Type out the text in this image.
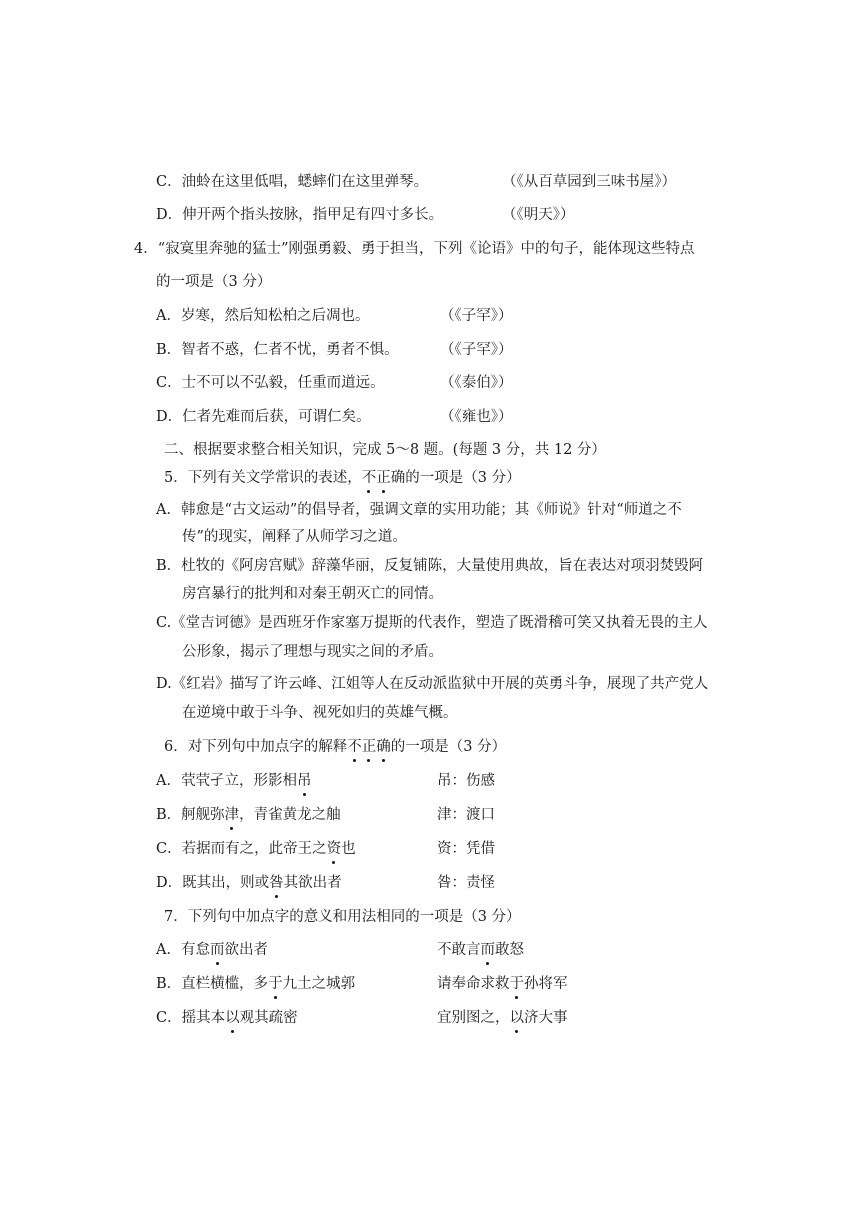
C．油蛉在这里低唱，蟋蟀们在这里弹琴。	（《从百草园到三味书屋》）
D．伸开两个指头按脉，指甲足有四寸多长。	（《明天》）
4．“寂寞里奔驰的猛士”刚强勇毅、勇于担当，下列《论语》中的句子，能体现这些特点
的一项是（3 分）
A．岁寒，然后知松柏之后凋也。	（《子罕》）
B．智者不惑，仁者不忧，勇者不惧。	（《子罕》）
C．士不可以不弘毅，任重而道远。	（《泰伯》）
D．仁者先难而后获，可谓仁矣。	（《雍也》）
二、根据要求整合相关知识，完成 5～8 题。(每题 3 分，共 12 分）
5．下列有关文学常识的表述，不正确的一项是（3 分）
A．韩愈是“古文运动”的倡导者，强调文章的实用功能；其《师说》针对“师道之不
传”的现实，阐释了从师学习之道。
B．杜牧的《阿房宫赋》辞藻华丽，反复铺陈，大量使用典故，旨在表达对项羽焚毁阿
房宫暴行的批判和对秦王朝灭亡的同情。
C.《堂吉诃德》是西班牙作家塞万提斯的代表作，塑造了既滑稽可笑又执着无畏的主人
公形象，揭示了理想与现实之间的矛盾。
D.《红岩》描写了许云峰、江姐等人在反动派监狱中开展的英勇斗争，展现了共产党人
在逆境中敢于斗争、视死如归的英雄气概。
6．对下列句中加点字的解释不正确的一项是（3 分）
A．茕茕孑立，形影相吊	吊：伤感
B．舸舰弥津，青雀黄龙之舳	津：渡口
C．若据而有之，此帝王之资也	资：凭借
D．既其出，则或咎其欲出者	咎：责怪
7．下列句中加点字的意义和用法相同的一项是（3 分）
A．有怠而欲出者	不敢言而敢怒
B．直栏横槛，多于九土之城郭	请奉命求救于孙将军
C．摇其本以观其疏密	宜别图之，以济大事
